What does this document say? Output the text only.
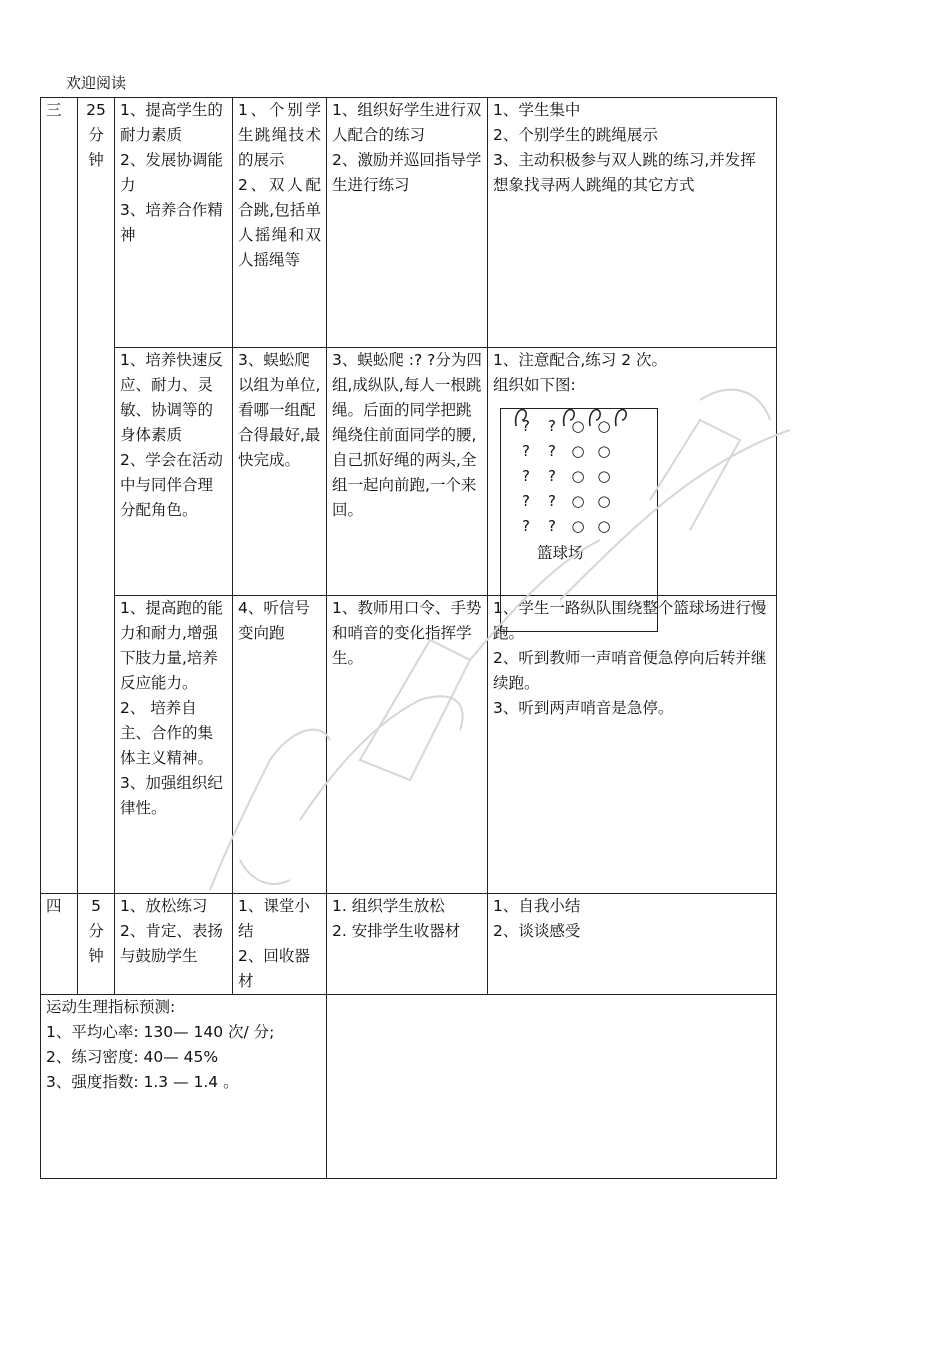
欢迎阅读
三	25
分
钟	1、提高学生的耐力素质
2、发展协调能力
3、培养合作精神	1、个别学生跳绳技术的展示
2、双人配合跳,包括单人摇绳和双人摇绳等	1、组织好学生进行双人配合的练习
2、激励并巡回指导学生进行练习	1、学生集中
2、个别学生的跳绳展示
3、主动积极参与双人跳的练习,并发挥想象找寻两人跳绳的其它方式

		1、培养快速反应、耐力、灵敏、协调等的身体素质
2、学会在活动中与同伴合理分配角色。	3、蜈蚣爬
以组为单位,看哪一组配合得最好,最快完成。	3、蜈蚣爬 :? ?分为四组,成纵队,每人一根跳绳。后面的同学把跳绳绕住前面同学的腰,自己抓好绳的两头,全组一起向前跑,一个来回。	1、注意配合,练习 2 次。
组织如下图:

		1、提高跑的能力和耐力,增强下肢力量,培养反应能力。
2、 培养自主、合作的集体主义精神。
3、加强组织纪律性。	4、听信号变向跑	1、教师用口令、手势和哨音的变化指挥学生。	1、学生一路纵队围绕整个篮球场进行慢跑。
2、听到教师一声哨音便急停向后转并继续跑。
3、听到两声哨音是急停。

四	5
分
钟	1、放松练习
2、肯定、表扬与鼓励学生	1、课堂小结
2、回收器材	1. 组织学生放松
2. 安排学生收器材	1、自我小结
2、谈谈感受

运动生理指标预测:
1、平均心率: 130— 140 次/ 分;
2、练习密度: 40— 45%
3、强度指数: 1.3 — 1.4 。					

? ? ○ ○
? ? ○ ○
? ? ○ ○
? ? ○ ○
? ? ○ ○
篮球场
